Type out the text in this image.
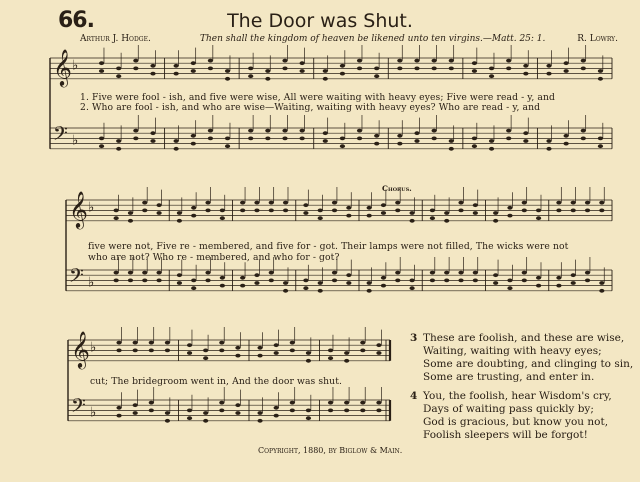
66.	The Door was Shut.
Arthur J. Hodge.	Then shall the kingdom of heaven be likened unto ten virgins.—Matt. 25: 1.	R. Lowry.
𝄞
𝄢
♭
♭
𝄞
𝄢
♭
♭
𝄞
𝄢
♭
♭
1. Five were fool - ish, and five were wise, All were waiting with heavy eyes; Five were read - y, and
2. Who are fool - ish, and who are wise—Waiting, waiting with heavy eyes? Who are read - y, and
Chorus.
five were not, Five re - membered, and five for - got. Their lamps were not filled, The wicks were not
who are not? Who re - membered, and who for - got?
cut; The bridegroom went in, And the door was shut.
3 These are foolish, and these are wise,
Waiting, waiting with heavy eyes;
Some are doubting, and clinging to sin,
Some are trusting, and enter in.
4 You, the foolish, hear Wisdom's cry,
Days of waiting pass quickly by;
God is gracious, but know you not,
Foolish sleepers will be forgot!
Copyright, 1880, by Biglow & Main.
